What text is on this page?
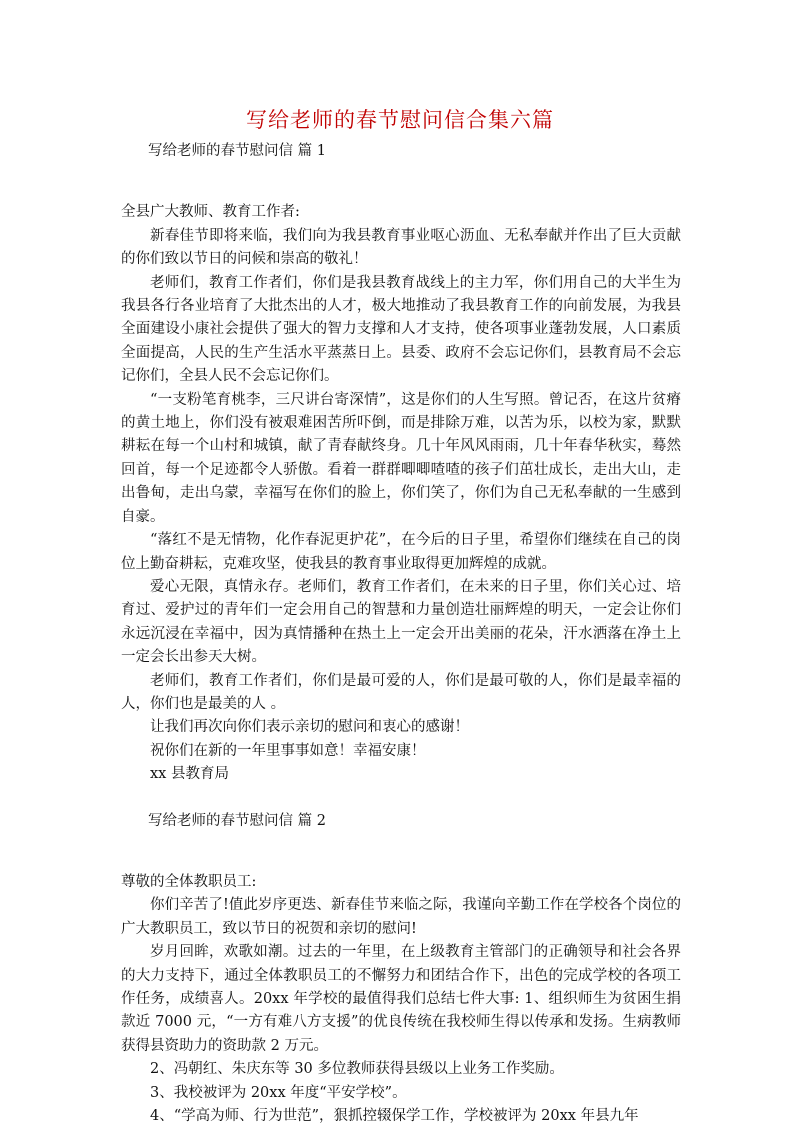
写给老师的春节慰问信合集六篇

写给老师的春节慰问信 篇 1

全县广大教师、教育工作者:

新春佳节即将来临，我们向为我县教育事业呕心沥血、无私奉献并作出了巨大贡献的你们致以节日的问候和崇高的敬礼！

老师们，教育工作者们，你们是我县教育战线上的主力军，你们用自己的大半生为我县各行各业培育了大批杰出的人才，极大地推动了我县教育工作的向前发展，为我县全面建设小康社会提供了强大的智力支撑和人才支持，使各项事业蓬勃发展，人口素质全面提高，人民的生产生活水平蒸蒸日上。县委、政府不会忘记你们，县教育局不会忘记你们，全县人民不会忘记你们。

“一支粉笔育桃李，三尺讲台寄深情”，这是你们的人生写照。曾记否，在这片贫瘠的黄土地上，你们没有被艰难困苦所吓倒，而是排除万难，以苦为乐，以校为家，默默耕耘在每一个山村和城镇，献了青春献终身。几十年风风雨雨，几十年春华秋实，蓦然回首，每一个足迹都令人骄傲。看着一群群唧唧喳喳的孩子们茁壮成长，走出大山，走出鲁甸，走出乌蒙，幸福写在你们的脸上，你们笑了，你们为自己无私奉献的一生感到自豪。

“落红不是无情物，化作春泥更护花”，在今后的日子里，希望你们继续在自己的岗位上勤奋耕耘，克难攻坚，使我县的教育事业取得更加辉煌的成就。

爱心无限，真情永存。老师们，教育工作者们，在未来的日子里，你们关心过、培育过、爱护过的青年们一定会用自己的智慧和力量创造壮丽辉煌的明天，一定会让你们永远沉浸在幸福中，因为真情播种在热土上一定会开出美丽的花朵，汗水洒落在净土上一定会长出参天大树。

老师们，教育工作者们，你们是最可爱的人，你们是最可敬的人，你们是最幸福的人，你们也是最美的人 。

让我们再次向你们表示亲切的慰问和衷心的感谢！

祝你们在新的一年里事事如意！幸福安康！

xx 县教育局

写给老师的春节慰问信 篇 2

尊敬的全体教职员工:

你们辛苦了!值此岁序更迭、新春佳节来临之际，我谨向辛勤工作在学校各个岗位的广大教职员工，致以节日的祝贺和亲切的慰问!

岁月回眸，欢歌如潮。过去的一年里，在上级教育主管部门的正确领导和社会各界的大力支持下，通过全体教职员工的不懈努力和团结合作下，出色的完成学校的各项工作任务，成绩喜人。20xx 年学校的最值得我们总结七件大事: 1、组织师生为贫困生捐款近 7000 元，“一方有难八方支援”的优良传统在我校师生得以传承和发扬。生病教师获得县资助力的资助款 2 万元。

2、冯朝红、朱庆东等 30 多位教师获得县级以上业务工作奖励。

3、我校被评为 20xx 年度“平安学校”。

4、“学高为师、行为世范”，狠抓控辍保学工作，学校被评为 20xx 年县九年
